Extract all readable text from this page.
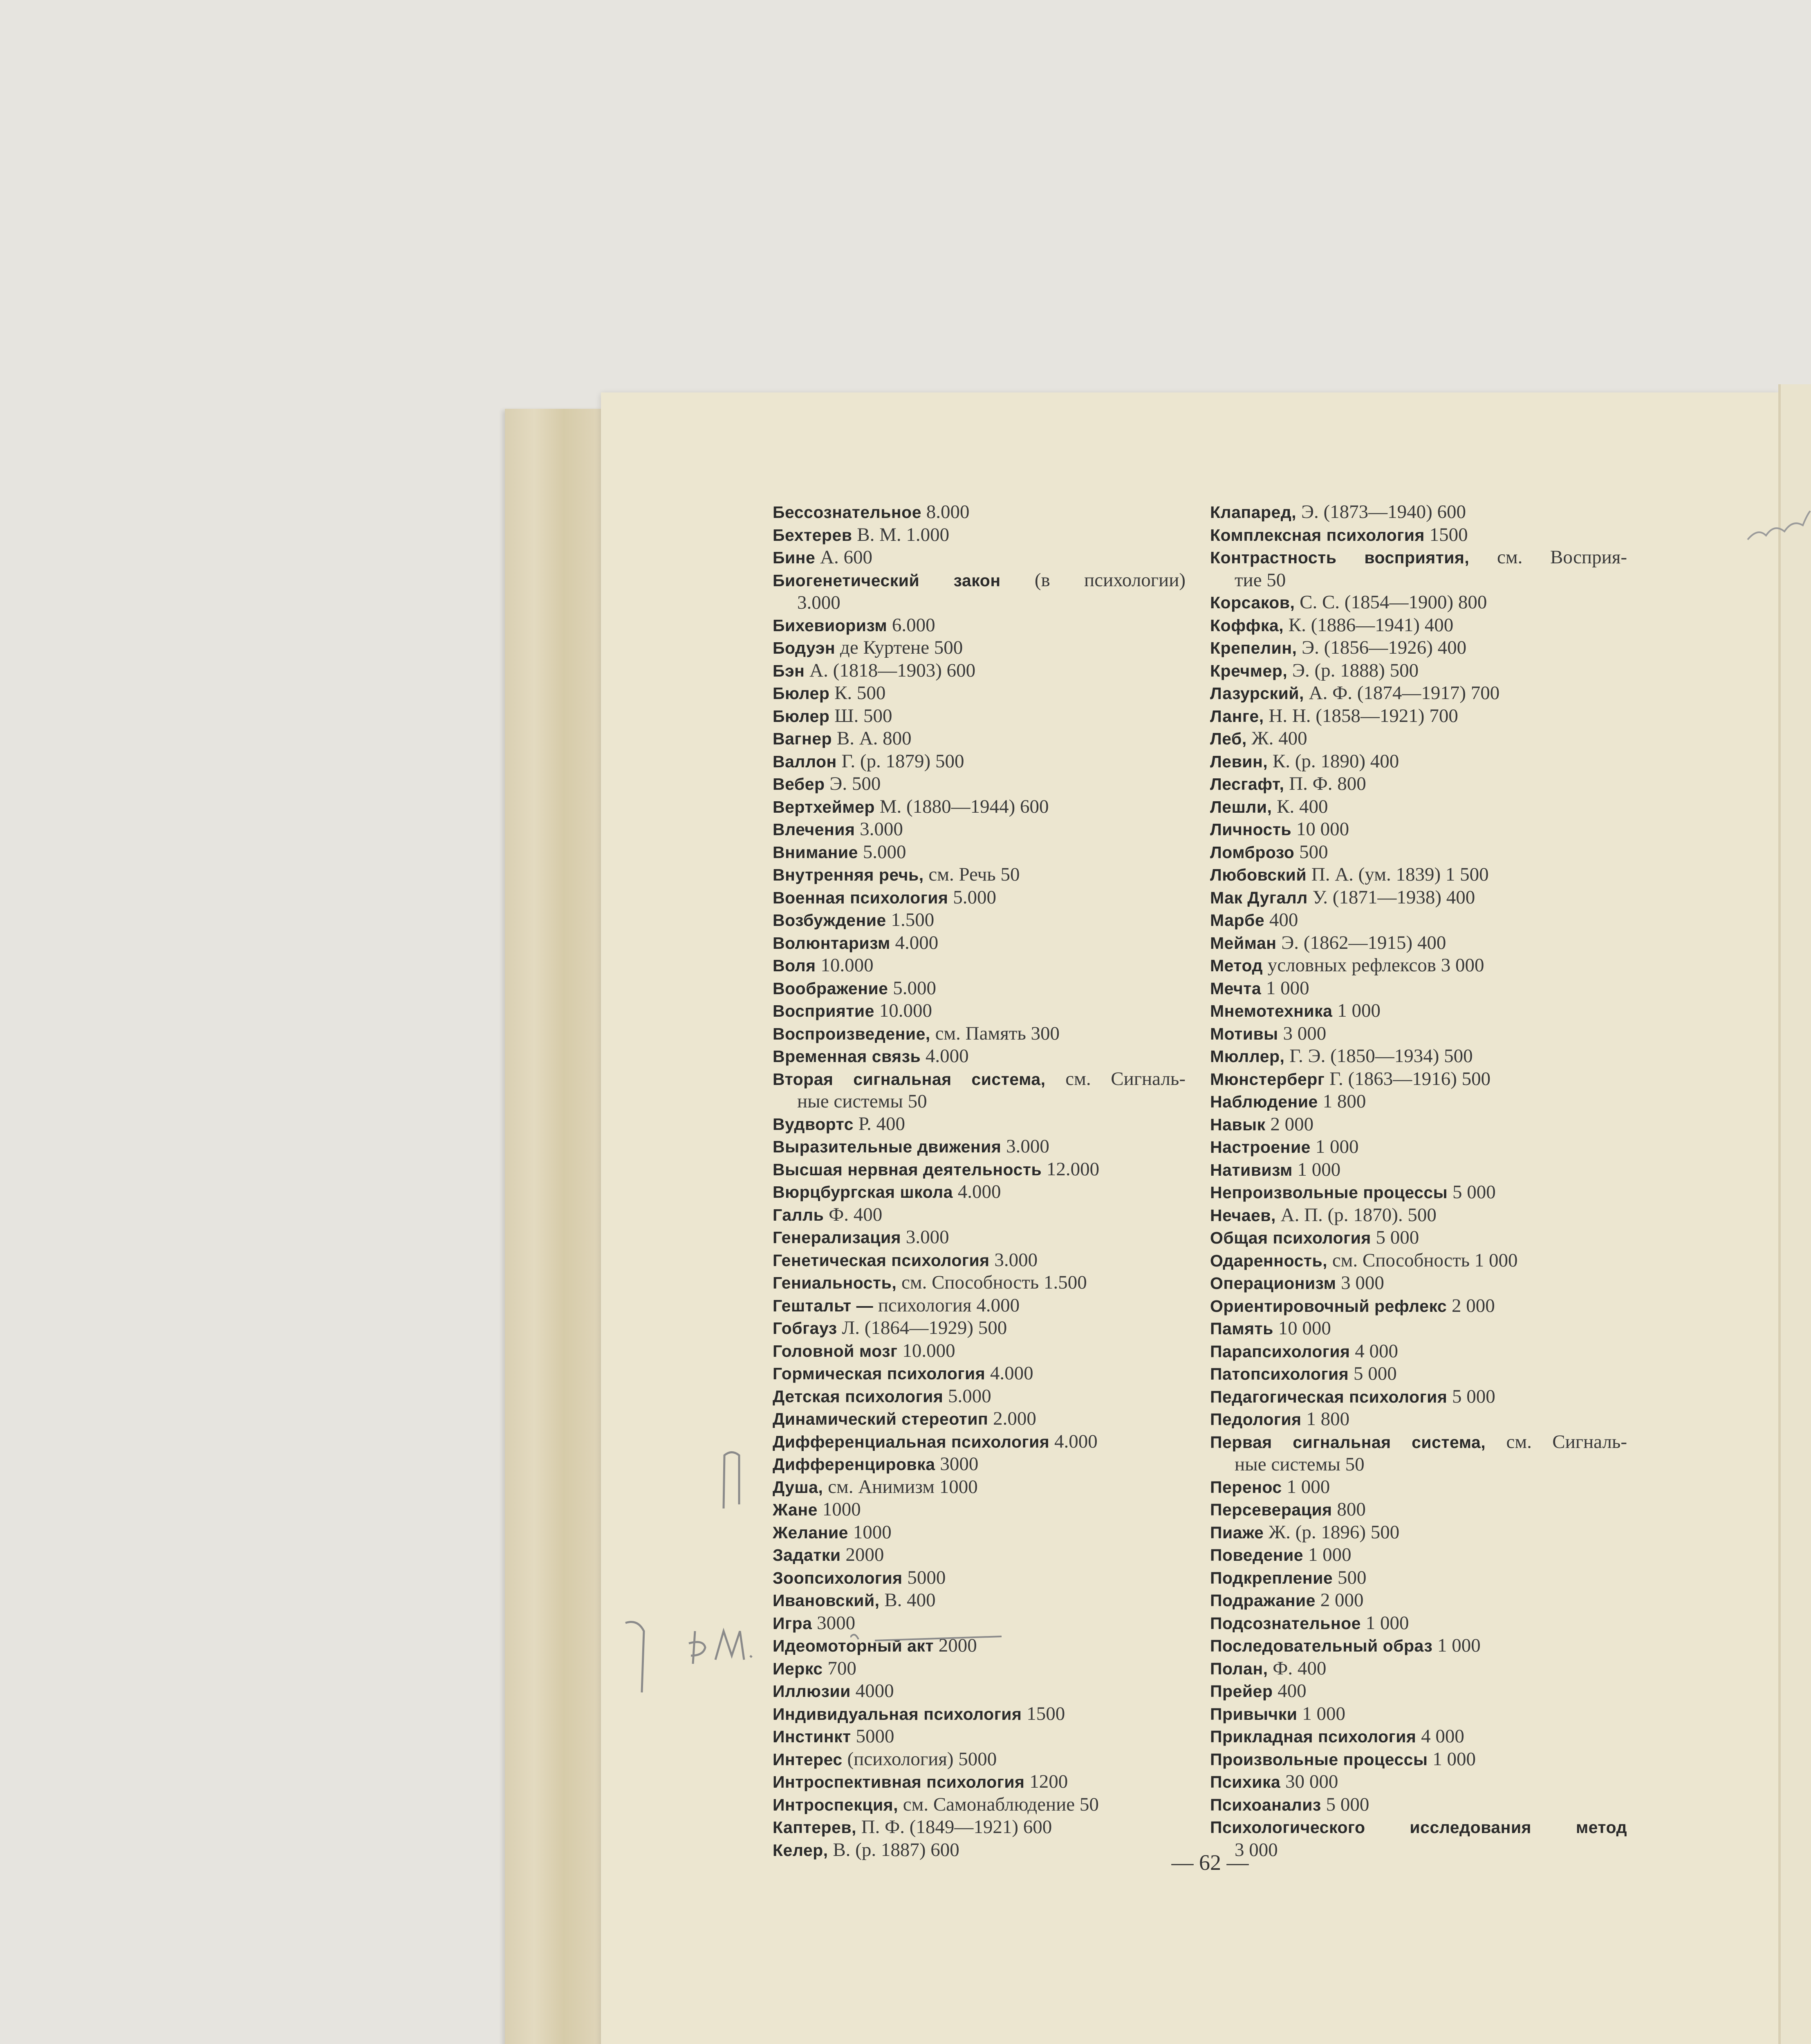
Бессознательное 8.000
Бехтерев В. М. 1.000
Бине А. 600
Биогенетический закон (в психологии)
3.000
Бихевиоризм 6.000
Бодуэн де Куртене 500
Бэн А. (1818—1903) 600
Бюлер К. 500
Бюлер Ш. 500
Вагнер В. А. 800
Валлон Г. (р. 1879) 500
Вебер Э. 500
Вертхеймер М. (1880—1944) 600
Влечения 3.000
Внимание 5.000
Внутренняя речь, см. Речь 50
Военная психология 5.000
Возбуждение 1.500
Волюнтаризм 4.000
Воля 10.000
Воображение 5.000
Восприятие 10.000
Воспроизведение, см. Память 300
Временная связь 4.000
Вторая сигнальная система, см. Сигналь-
ные системы 50
Вудвортс Р. 400
Выразительные движения 3.000
Высшая нервная деятельность 12.000
Вюрцбургская школа 4.000
Галль Ф. 400
Генерализация 3.000
Генетическая психология 3.000
Гениальность, см. Способность 1.500
Гештальт — психология 4.000
Гобгауз Л. (1864—1929) 500
Головной мозг 10.000
Гормическая психология 4.000
Детская психология 5.000
Динамический стереотип 2.000
Дифференциальная психология 4.000
Дифференцировка 3000
Душа, см. Анимизм 1000
Жане 1000
Желание 1000
Задатки 2000
Зоопсихология 5000
Ивановский, В. 400
Игра 3000
Идеомоторный акт 2000
Иеркс 700
Иллюзии 4000
Индивидуальная психология 1500
Инстинкт 5000
Интерес (психология) 5000
Интроспективная психология 1200
Интроспекция, см. Самонаблюдение 50
Каптерев, П. Ф. (1849—1921) 600
Келер, В. (р. 1887) 600
Клапаред, Э. (1873—1940) 600
Комплексная психология 1500
Контрастность восприятия, см. Восприя-
тие 50
Корсаков, С. С. (1854—1900) 800
Коффка, К. (1886—1941) 400
Крепелин, Э. (1856—1926) 400
Кречмер, Э. (р. 1888) 500
Лазурский, А. Ф. (1874—1917) 700
Ланге, Н. Н. (1858—1921) 700
Леб, Ж. 400
Левин, К. (р. 1890) 400
Лесгафт, П. Ф. 800
Лешли, К. 400
Личность 10 000
Ломброзо 500
Любовский П. А. (ум. 1839) 1 500
Мак Дугалл У. (1871—1938) 400
Марбе 400
Мейман Э. (1862—1915) 400
Метод условных рефлексов 3 000
Мечта 1 000
Мнемотехника 1 000
Мотивы 3 000
Мюллер, Г. Э. (1850—1934) 500
Мюнстерберг Г. (1863—1916) 500
Наблюдение 1 800
Навык 2 000
Настроение 1 000
Нативизм 1 000
Непроизвольные процессы 5 000
Нечаев, А. П. (р. 1870). 500
Общая психология 5 000
Одаренность, см. Способность 1 000
Операционизм 3 000
Ориентировочный рефлекс 2 000
Память 10 000
Парапсихология 4 000
Патопсихология 5 000
Педагогическая психология 5 000
Педология 1 800
Первая сигнальная система, см. Сигналь-
ные системы 50
Перенос 1 000
Персеверация 800
Пиаже Ж. (р. 1896) 500
Поведение 1 000
Подкрепление 500
Подражание 2 000
Подсознательное 1 000
Последовательный образ 1 000
Полан, Ф. 400
Прейер 400
Привычки 1 000
Прикладная психология 4 000
Произвольные процессы 1 000
Психика 30 000
Психоанализ 5 000
Психологического исследования метод
3 000
— 62 —
